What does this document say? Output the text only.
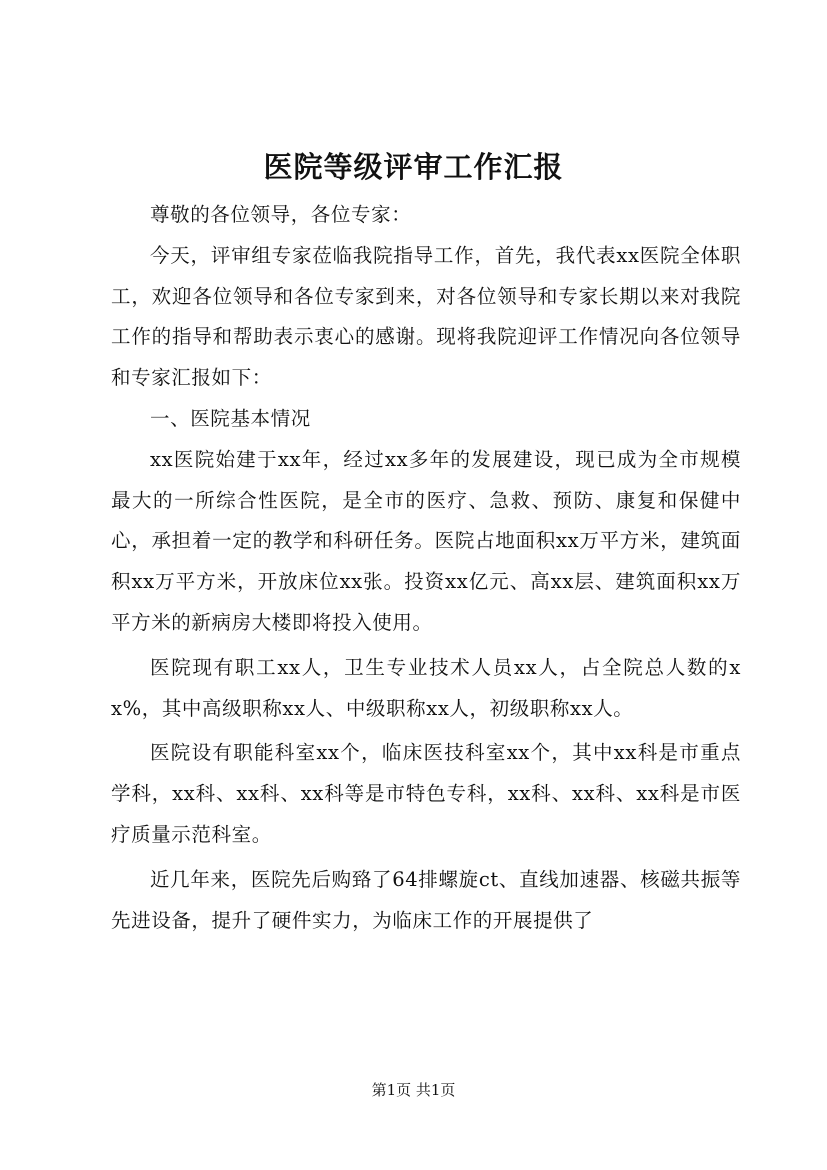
医院等级评审工作汇报

尊敬的各位领导，各位专家：

今天，评审组专家莅临我院指导工作，首先，我代表xx医院全体职工，欢迎各位领导和各位专家到来，对各位领导和专家长期以来对我院工作的指导和帮助表示衷心的感谢。现将我院迎评工作情况向各位领导和专家汇报如下：

一、医院基本情况

xx医院始建于xx年，经过xx多年的发展建设，现已成为全市规模最大的一所综合性医院，是全市的医疗、急救、预防、康复和保健中心，承担着一定的教学和科研任务。医院占地面积xx万平方米，建筑面积xx万平方米，开放床位xx张。投资xx亿元、高xx层、建筑面积xx万平方米的新病房大楼即将投入使用。

医院现有职工xx人，卫生专业技术人员xx人，占全院总人数的xx%，其中高级职称xx人、中级职称xx人，初级职称xx人。

医院设有职能科室xx个，临床医技科室xx个，其中xx科是市重点学科，xx科、xx科、xx科等是市特色专科，xx科、xx科、xx科是市医疗质量示范科室。

近几年来，医院先后购臵了64排螺旋ct、直线加速器、核磁共振等先进设备，提升了硬件实力，为临床工作的开展提供了

第1页 共1页
